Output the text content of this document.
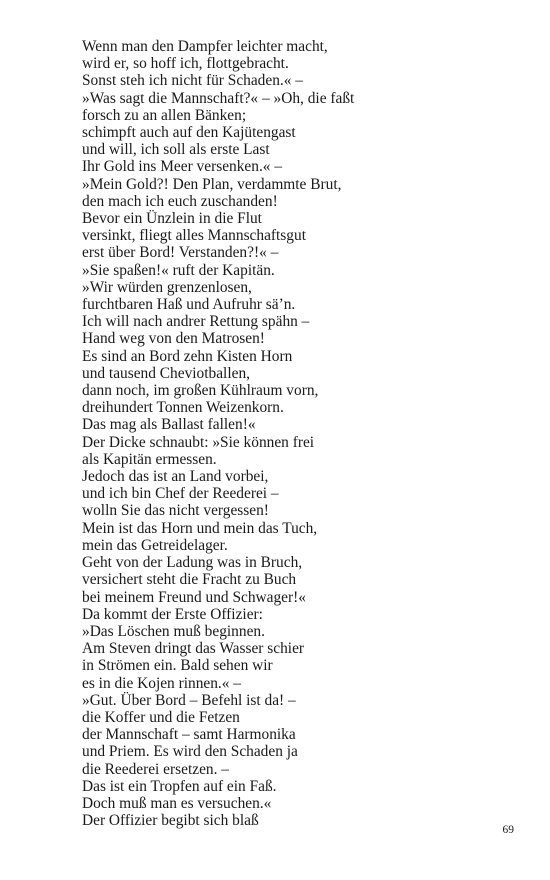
Wenn man den Dampfer leichter macht,
wird er, so hoff ich, flottgebracht.
Sonst steh ich nicht für Schaden.« –
»Was sagt die Mannschaft?« – »Oh, die faßt
forsch zu an allen Bänken;
schimpft auch auf den Kajütengast
und will, ich soll als erste Last
Ihr Gold ins Meer versenken.« –
»Mein Gold?! Den Plan, verdammte Brut,
den mach ich euch zuschanden!
Bevor ein Ünzlein in die Flut
versinkt, fliegt alles Mannschaftsgut
erst über Bord! Verstanden?!« –
»Sie spaßen!« ruft der Kapitän.
»Wir würden grenzenlosen,
furchtbaren Haß und Aufruhr sä’n.
Ich will nach andrer Rettung spähn –
Hand weg von den Matrosen!
Es sind an Bord zehn Kisten Horn
und tausend Cheviotballen,
dann noch, im großen Kühlraum vorn,
dreihundert Tonnen Weizenkorn.
Das mag als Ballast fallen!«
Der Dicke schnaubt: »Sie können frei
als Kapitän ermessen.
Jedoch das ist an Land vorbei,
und ich bin Chef der Reederei –
wolln Sie das nicht vergessen!
Mein ist das Horn und mein das Tuch,
mein das Getreidelager.
Geht von der Ladung was in Bruch,
versichert steht die Fracht zu Buch
bei meinem Freund und Schwager!«
Da kommt der Erste Offizier:
»Das Löschen muß beginnen.
Am Steven dringt das Wasser schier
in Strömen ein. Bald sehen wir
es in die Kojen rinnen.« –
»Gut. Über Bord – Befehl ist da! –
die Koffer und die Fetzen
der Mannschaft – samt Harmonika
und Priem. Es wird den Schaden ja
die Reederei ersetzen. –
Das ist ein Tropfen auf ein Faß.
Doch muß man es versuchen.«
Der Offizier begibt sich blaß
69
